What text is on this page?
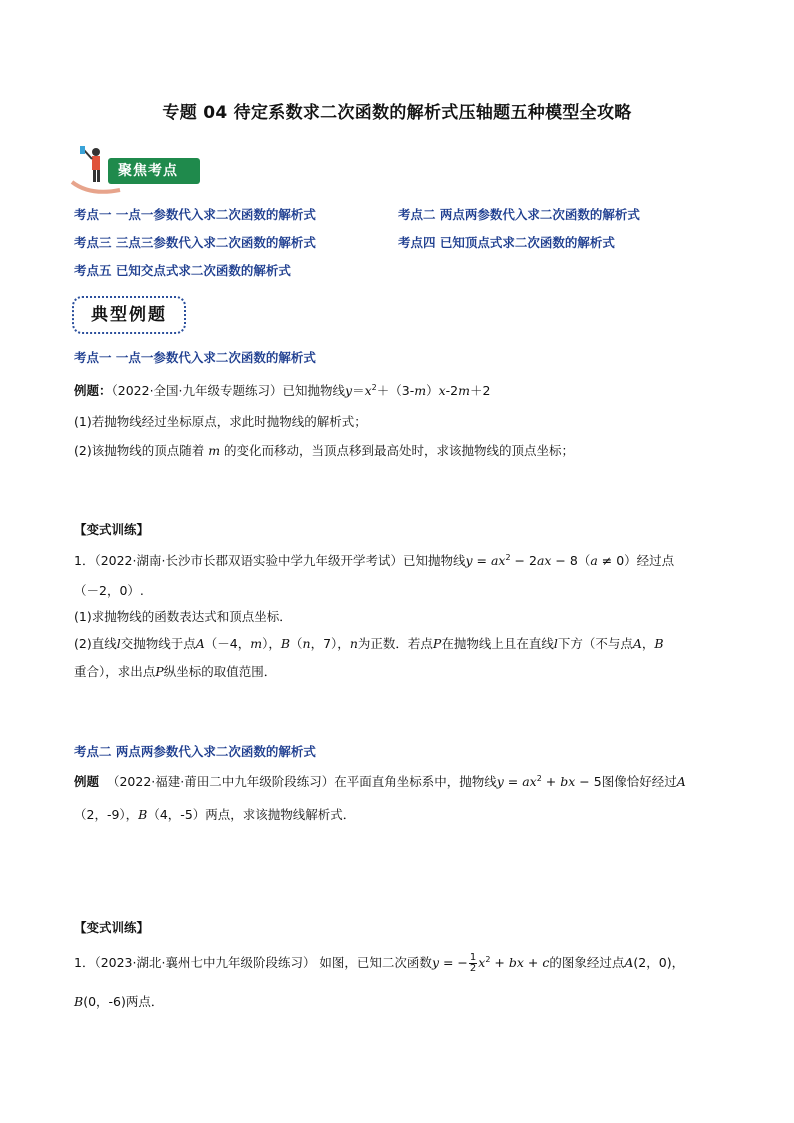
专题 04 待定系数求二次函数的解析式压轴题五种模型全攻略
聚焦考点
考点一 一点一参数代入求二次函数的解析式	考点二 两点两参数代入求二次函数的解析式
考点三 三点三参数代入求二次函数的解析式	考点四 已知顶点式求二次函数的解析式
考点五 已知交点式求二次函数的解析式
典型例题
考点一 一点一参数代入求二次函数的解析式
例题：（2022·全国·九年级专题练习）已知抛物线$y=x^2+(3-m)x-2m+2$
(1)若抛物线经过坐标原点，求此时抛物线的解析式；
(2)该抛物线的顶点随着 m 的变化而移动，当顶点移到最高处时，求该抛物线的顶点坐标；
【变式训练】
1．（2022·湖南·长沙市长郡双语实验中学九年级开学考试）已知抛物线$y = ax^2 - 2ax - 8(a \ne 0)$经过点
（－2，0）.
(1)求抛物线的函数表达式和顶点坐标．
(2)直线l交抛物线于点A（－4，m），B（n，7），n为正数．若点P在抛物线上且在直线l下方（不与点A，B
重合），求出点P纵坐标的取值范围．
考点二 两点两参数代入求二次函数的解析式
例题 （2022·福建·莆田二中九年级阶段练习）在平面直角坐标系中，抛物线$y = ax^2$ + bx − 5图像恰好经过A
（2，-9），B（4，-5）两点，求该抛物线解析式．
【变式训练】
1．（2023·湖北·襄州七中九年级阶段练习） 如图，已知二次函数y = − $\frac{1}{2} x^2$ + bx + c的图象经过点A(2，0)，
B(0，-6)两点．
